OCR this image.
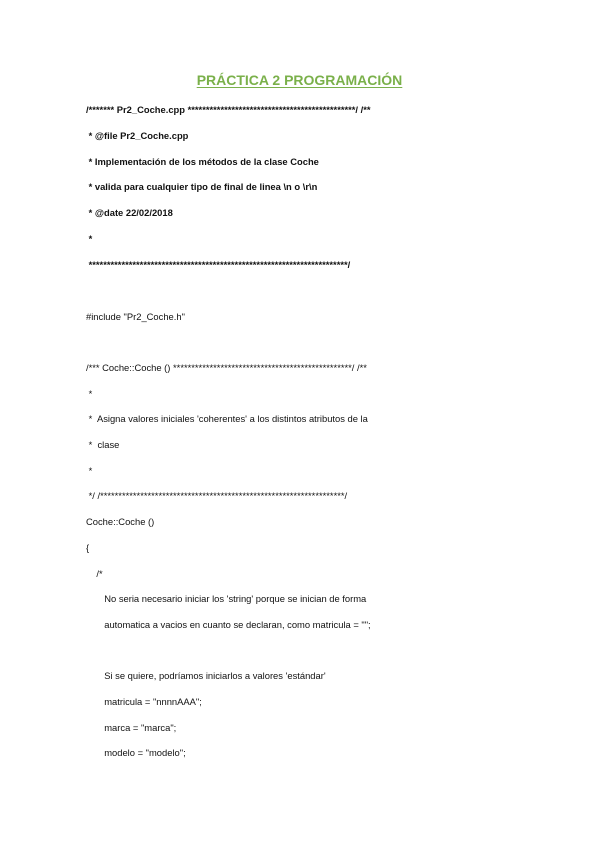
PRÁCTICA 2 PROGRAMACIÓN
/******* Pr2_Coche.cpp **********************************************/ /**
* @file Pr2_Coche.cpp
* Implementación de los métodos de la clase Coche
* valida para cualquier tipo de final de linea \n o \r\n
* @date 22/02/2018
*
***********************************************************************/
#include "Pr2_Coche.h"
/*** Coche::Coche () *************************************************/ /**
*
*  Asigna valores iniciales 'coherentes' a los distintos atributos de la
*  clase
*
*/ /*******************************************************************/
Coche::Coche ()
{
/*
No seria necesario iniciar los 'string' porque se inician de forma
automatica a vacios en cuanto se declaran, como matricula = "";
Si se quiere, podríamos iniciarlos a valores 'estándar'
matricula = "nnnnAAA";
marca = "marca";
modelo = "modelo";
